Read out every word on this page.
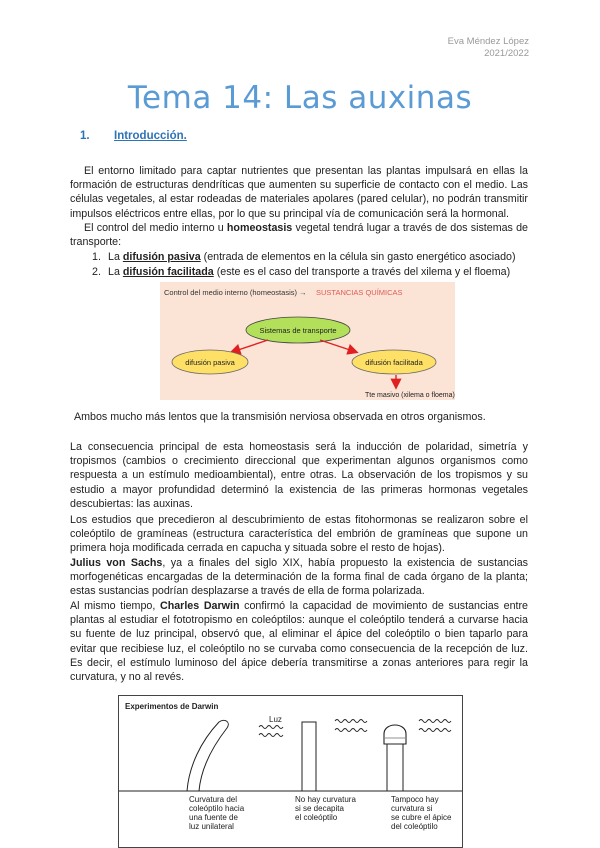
Eva Méndez López
2021/2022
Tema 14: Las auxinas
1. Introducción.

El entorno limitado para captar nutrientes que presentan las plantas impulsará en ellas la formación de estructuras dendríticas que aumenten su superficie de contacto con el medio. Las células vegetales, al estar rodeadas de materiales apolares (pared celular), no podrán transmitir impulsos eléctricos entre ellas, por lo que su principal vía de comunicación será la hormonal.

El control del medio interno u homeostasis vegetal tendrá lugar a través de dos sistemas de transporte:

1. La difusión pasiva (entrada de elementos en la célula sin gasto energético asociado)
2. La difusión facilitada (este es el caso del transporte a través del xilema y el floema)
Control del medio interno (homeostasis) → SUSTANCIAS QUÍMICAS
Sistemas de transporte
difusión pasiva	difusión facilitada
Tte masivo (xilema o floema)

Ambos mucho más lentos que la transmisión nerviosa observada en otros organismos.

La consecuencia principal de esta homeostasis será la inducción de polaridad, simetría y tropismos (cambios o crecimiento direccional que experimentan algunos organismos como respuesta a un estímulo medioambiental), entre otras. La observación de los tropismos y su estudio a mayor profundidad determinó la existencia de las primeras hormonas vegetales descubiertas: las auxinas.

Los estudios que precedieron al descubrimiento de estas fitohormonas se realizaron sobre el coleóptilo de gramíneas (estructura característica del embrión de gramíneas que supone un primera hoja modificada cerrada en capucha y situada sobre el resto de hojas).

Julius von Sachs, ya a finales del siglo XIX, había propuesto la existencia de sustancias morfogenéticas encargadas de la determinación de la forma final de cada órgano de la planta; estas sustancias podrían desplazarse a través de ella de forma polarizada.

Al mismo tiempo, Charles Darwin confirmó la capacidad de movimiento de sustancias entre plantas al estudiar el fototropismo en coleóptilos: aunque el coleóptilo tenderá a curvarse hacia su fuente de luz principal, observó que, al eliminar el ápice del coleóptilo o bien taparlo para evitar que recibiese luz, el coleóptilo no se curvaba como consecuencia de la recepción de luz. Es decir, el estímulo luminoso del ápice debería transmitirse a zonas anteriores para regir la curvatura, y no al revés.

Experimentos de Darwin
Luz
Curvatura del
coleóptilo hacia
una fuente de
luz unilateral
No hay curvatura
si se decapita
el coleóptilo
Tampoco hay
curvatura si
se cubre el ápice
del coleóptilo
